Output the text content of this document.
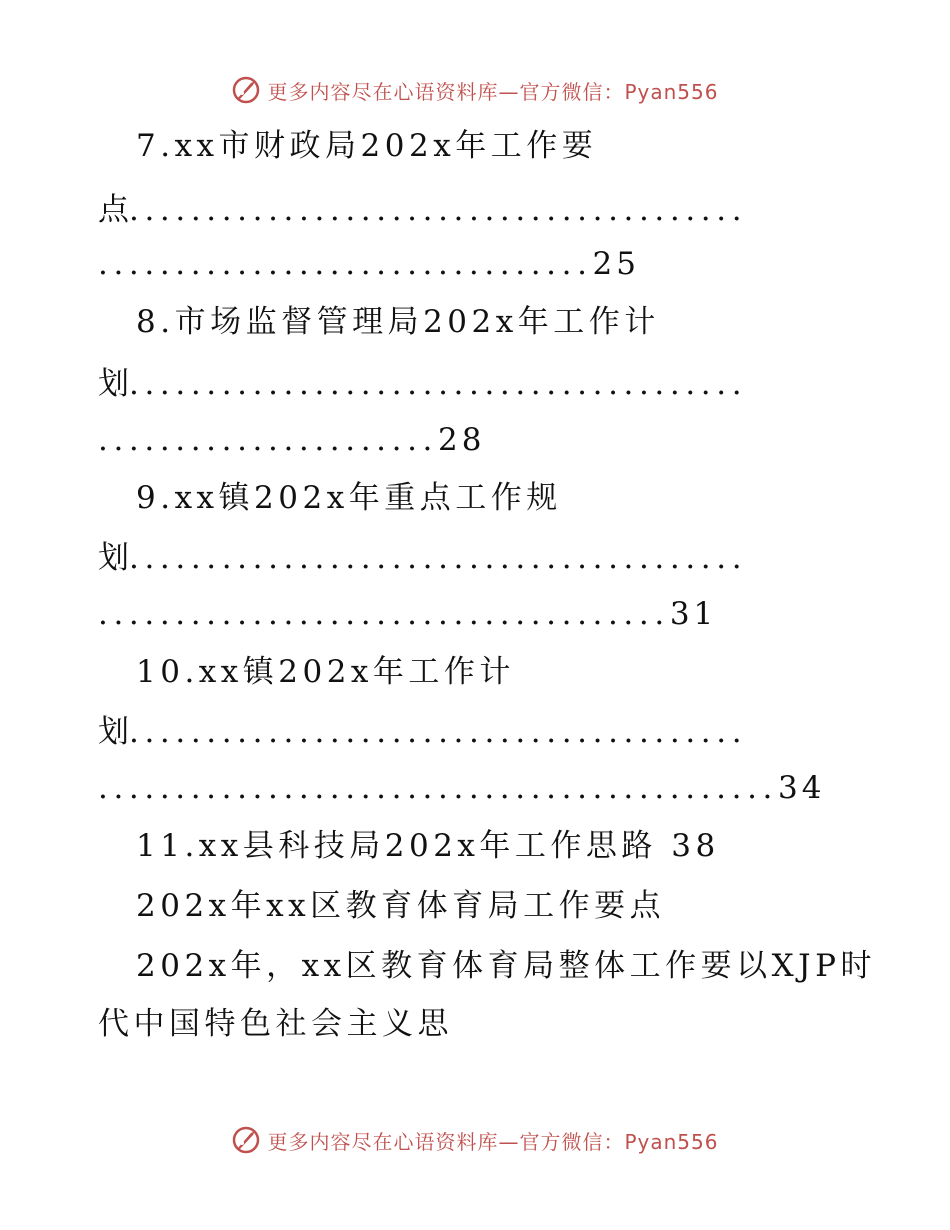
更多内容尽在心语资料库—官方微信：Pyan556
7.xx市财政局202x年工作要
点........................................
................................25
8.市场监督管理局202x年工作计
划........................................
......................28
9.xx镇202x年重点工作规
划........................................
.....................................31
10.xx镇202x年工作计
划........................................
............................................34
11.xx县科技局202x年工作思路 38
202x年xx区教育体育局工作要点
202x年，xx区教育体育局整体工作要以XJP时
代中国特色社会主义思
更多内容尽在心语资料库—官方微信：Pyan556
